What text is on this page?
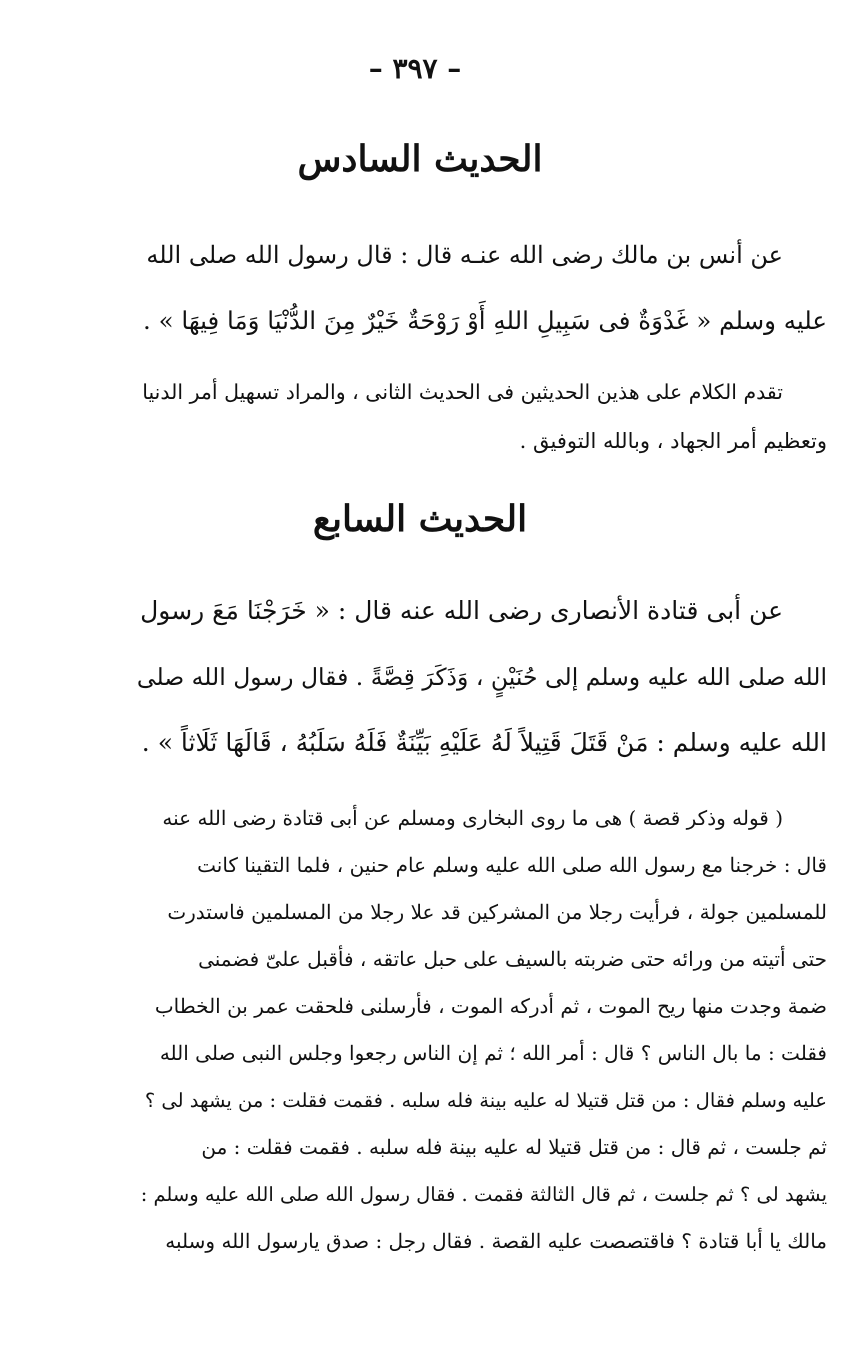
– ٣٩٧ –
الحديث السادس
عن أنس بن مالك رضى الله عنـه قال : قال رسول الله صلى الله
عليه وسلم « غَدْوَةٌ فى سَبِيلِ اللهِ أَوْ رَوْحَةٌ خَيْرٌ مِنَ الدُّنْيَا وَمَا فِيهَا » .
تقدم الكلام على هذين الحديثين فى الحديث الثانى ، والمراد تسهيل أمر الدنيا
وتعظيم أمر الجهاد ، وبالله التوفيق .
الحديث السابع
عن أبى قتادة الأنصارى رضى الله عنه قال : « خَرَجْنَا مَعَ رسول
الله صلى الله عليه وسلم إلى حُنَيْنٍ ، وَذَكَرَ قِصَّةً . فقال رسول الله صلى
الله عليه وسلم : مَنْ قَتَلَ قَتِيلاً لَهُ عَلَيْهِ بَيِّنَةٌ فَلَهُ سَلَبُهُ ، قَالَهَا ثَلَاثاً » .
( قوله وذكر قصة ) هى ما روى البخارى ومسلم عن أبى قتادة رضى الله عنه
قال : خرجنا مع رسول الله صلى الله عليه وسلم عام حنين ، فلما التقينا كانت
للمسلمين جولة ، فرأيت رجلا من المشركين قد علا رجلا من المسلمين فاستدرت
حتى أتيته من ورائه حتى ضربته بالسيف على حبل عاتقه ، فأقبل علىّ فضمنى
ضمة وجدت منها ريح الموت ، ثم أدركه الموت ، فأرسلنى فلحقت عمر بن الخطاب
فقلت : ما بال الناس ؟ قال : أمر الله ؛ ثم إن الناس رجعوا وجلس النبى صلى الله
عليه وسلم فقال : من قتل قتيلا له عليه بينة فله سلبه . فقمت فقلت : من يشهد لى ؟
ثم جلست ، ثم قال : من قتل قتيلا له عليه بينة فله سلبه . فقمت فقلت : من
يشهد لى ؟ ثم جلست ، ثم قال الثالثة فقمت . فقال رسول الله صلى الله عليه وسلم :
مالك يا أبا قتادة ؟ فاقتصصت عليه القصة . فقال رجل : صدق يارسول الله وسلبه
